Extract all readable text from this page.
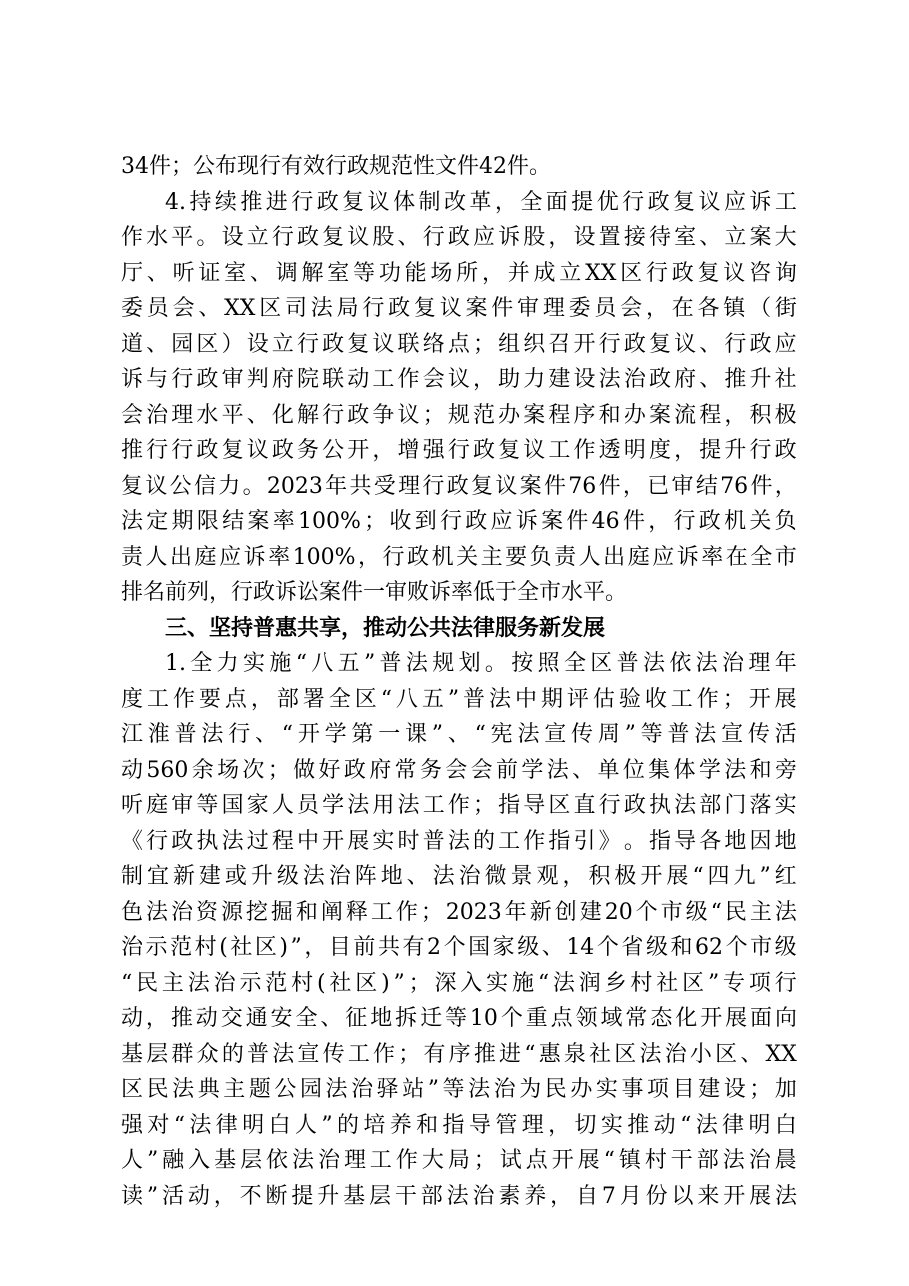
34件；公布现行有效行政规范性文件42件。
4. 持 续 推 进 行 政 复 议 体 制 改 革 ， 全 面 提 优 行 政 复 议 应 诉 工
作 水 平 。 设 立 行 政 复 议 股 、 行 政 应 诉 股 ， 设 置 接 待 室 、 立 案 大
厅 、 听 证 室 、 调 解 室 等 功 能 场 所 ， 并 成 立 XX 区 行 政 复 议 咨 询
委 员 会 、 XX 区 司 法 局 行 政 复 议 案 件 审 理 委 员 会 ， 在 各 镇 （ 街
道 、 园 区 ） 设 立 行 政 复 议 联 络 点 ； 组 织 召 开 行 政 复 议 、 行 政 应
诉 与 行 政 审 判 府 院 联 动 工 作 会 议 ， 助 力 建 设 法 治 政 府 、 推 升 社
会 治 理 水 平 、 化 解 行 政 争 议 ； 规 范 办 案 程 序 和 办 案 流 程 ， 积 极
推 行 行 政 复 议 政 务 公 开 ， 增 强 行 政 复 议 工 作 透 明 度 ， 提 升 行 政
复 议 公 信 力 。 2023 年 共 受 理 行 政 复 议 案 件 76 件 ， 已 审 结 76 件 ，
法 定 期 限 结 案 率 100% ； 收 到 行 政 应 诉 案 件 46 件 ， 行 政 机 关 负
责 人 出 庭 应 诉 率 100% ， 行 政 机 关 主 要 负 责 人 出 庭 应 诉 率 在 全 市
排名前列，行政诉讼案件一审败诉率低于全市水平。
三、坚持普惠共享，推动公共法律服务新发展
1. 全 力 实 施 “ 八 五 ” 普 法 规 划 。 按 照 全 区 普 法 依 法 治 理 年
度 工 作 要 点 ， 部 署 全 区 “ 八 五 ” 普 法 中 期 评 估 验 收 工 作 ； 开 展
江 淮 普 法 行 、 “ 开 学 第 一 课 ” 、 “ 宪 法 宣 传 周 ” 等 普 法 宣 传 活
动 560 余 场 次 ； 做 好 政 府 常 务 会 会 前 学 法 、 单 位 集 体 学 法 和 旁
听 庭 审 等 国 家 人 员 学 法 用 法 工 作 ； 指 导 区 直 行 政 执 法 部 门 落 实
《 行 政 执 法 过 程 中 开 展 实 时 普 法 的 工 作 指 引 》 。 指 导 各 地 因 地
制 宜 新 建 或 升 级 法 治 阵 地 、 法 治 微 景 观 ， 积 极 开 展 “ 四 九 ” 红
色 法 治 资 源 挖 掘 和 阐 释 工 作 ； 2023 年 新 创 建 20 个 市 级 “ 民 主 法
治 示 范 村 ( 社 区 ) ” ， 目 前 共 有 2 个 国 家 级 、 14 个 省 级 和 62 个 市 级
“ 民 主 法 治 示 范 村 ( 社 区 ) ” ； 深 入 实 施 “ 法 润 乡 村 社 区 ” 专 项 行
动 ， 推 动 交 通 安 全 、 征 地 拆 迁 等 10 个 重 点 领 域 常 态 化 开 展 面 向
基 层 群 众 的 普 法 宣 传 工 作 ； 有 序 推 进 “ 惠 泉 社 区 法 治 小 区 、 XX
区 民 法 典 主 题 公 园 法 治 驿 站 ” 等 法 治 为 民 办 实 事 项 目 建 设 ； 加
强 对 “ 法 律 明 白 人 ” 的 培 养 和 指 导 管 理 ， 切 实 推 动 “ 法 律 明 白
人 ” 融 入 基 层 依 法 治 理 工 作 大 局 ； 试 点 开 展 “ 镇 村 干 部 法 治 晨
读 ” 活 动 ， 不 断 提 升 基 层 干 部 法 治 素 养 ， 自 7 月 份 以 来 开 展 法
